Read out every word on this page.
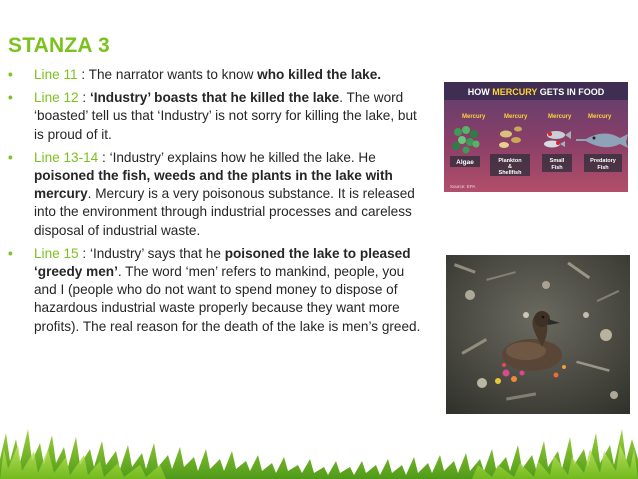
STANZA 3
• Line 11 : The narrator wants to know who killed the lake.
• Line 12 : ‘Industry’ boasts that he killed the lake. The word ‘boasted’ tell us that ‘Industry’ is not sorry for killing the lake, but is proud of it.
• Line 13-14 : ‘Industry’ explains how he killed the lake. He poisoned the fish, weeds and the plants in the lake with mercury. Mercury is a very poisonous substance. It is released into the environment through industrial processes and careless disposal of industrial waste.
• Line 15 : ‘Industry’ says that he poisoned the lake to pleased ‘greedy men’. The word ‘men’ refers to mankind, people, you and I (people who do not want to spend money to dispose of hazardous industrial waste properly because they want more profits). The real reason for the death of the lake is men’s greed.
HOW MERCURY GETS IN FOOD
Mercury	Mercury	Mercury	Mercury
Algae	Plankton
&
Shellfish
Small
Fish
Predatory
Fish
Source: EPA
